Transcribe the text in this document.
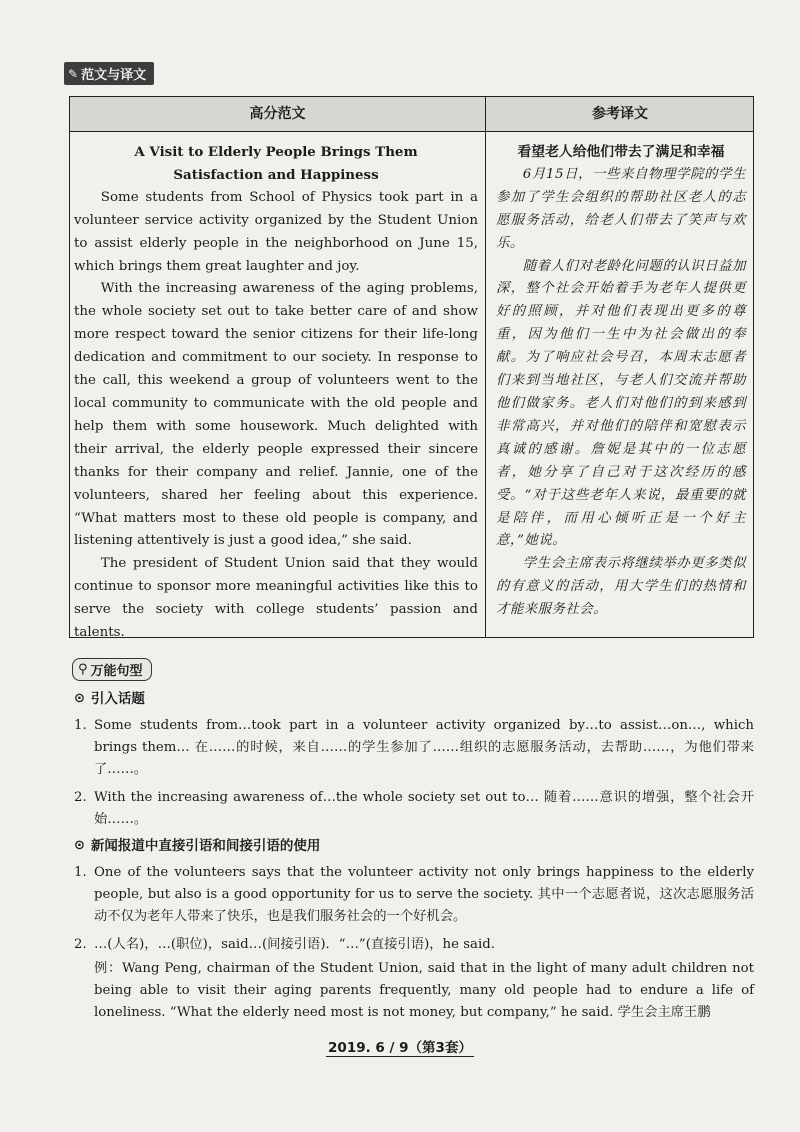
✎ 范文与译文
高分范文	参考译文
A Visit to Elderly People Brings Them
Satisfaction and Happiness

Some students from School of Physics took part in a volunteer service activity organized by the Student Union to assist elderly people in the neighborhood on June 15, which brings them great laughter and joy.

With the increasing awareness of the aging problems, the whole society set out to take better care of and show more respect toward the senior citizens for their life-long dedication and commitment to our society. In response to the call, this weekend a group of volunteers went to the local community to communicate with the old people and help them with some housework. Much delighted with their arrival, the elderly people expressed their sincere thanks for their company and relief. Jannie, one of the volunteers, shared her feeling about this experience. “What matters most to these old people is company, and listening attentively is just a good idea,” she said.

The president of Student Union said that they would continue to sponsor more meaningful activities like this to serve the society with college students’ passion and talents.

看望老人给他们带去了满足和幸福

6月15日，一些来自物理学院的学生参加了学生会组织的帮助社区老人的志愿服务活动，给老人们带去了笑声与欢乐。

随着人们对老龄化问题的认识日益加深，整个社会开始着手为老年人提供更好的照顾，并对他们表现出更多的尊重，因为他们一生中为社会做出的奉献。为了响应社会号召，本周末志愿者们来到当地社区，与老人们交流并帮助他们做家务。老人们对他们的到来感到非常高兴，并对他们的陪伴和宽慰表示真诚的感谢。詹妮是其中的一位志愿者，她分享了自己对于这次经历的感受。“对于这些老年人来说，最重要的就是陪伴，而用心倾听正是一个好主意，”她说。

学生会主席表示将继续举办更多类似的有意义的活动，用大学生们的热情和才能来服务社会。

⚲ 万能句型
⊙ 引入话题
1. Some students from…took part in a volunteer activity organized by…to assist…on…, which brings them… 在……的时候，来自……的学生参加了……组织的志愿服务活动，去帮助……，为他们带来了……。
2. With the increasing awareness of…the whole society set out to… 随着……意识的增强，整个社会开始……。
⊙ 新闻报道中直接引语和间接引语的使用
1. One of the volunteers says that the volunteer activity not only brings happiness to the elderly people, but also is a good opportunity for us to serve the society. 其中一个志愿者说，这次志愿服务活动不仅为老年人带来了快乐，也是我们服务社会的一个好机会。
2. …(人名)，…(职位)，said…(间接引语)．“…”(直接引语)，he said.
例：Wang Peng, chairman of the Student Union, said that in the light of many adult children not being able to visit their aging parents frequently, many old people had to endure a life of loneliness. “What the elderly need most is not money, but company,” he said. 学生会主席王鹏
2019. 6 / 9（第3套）
